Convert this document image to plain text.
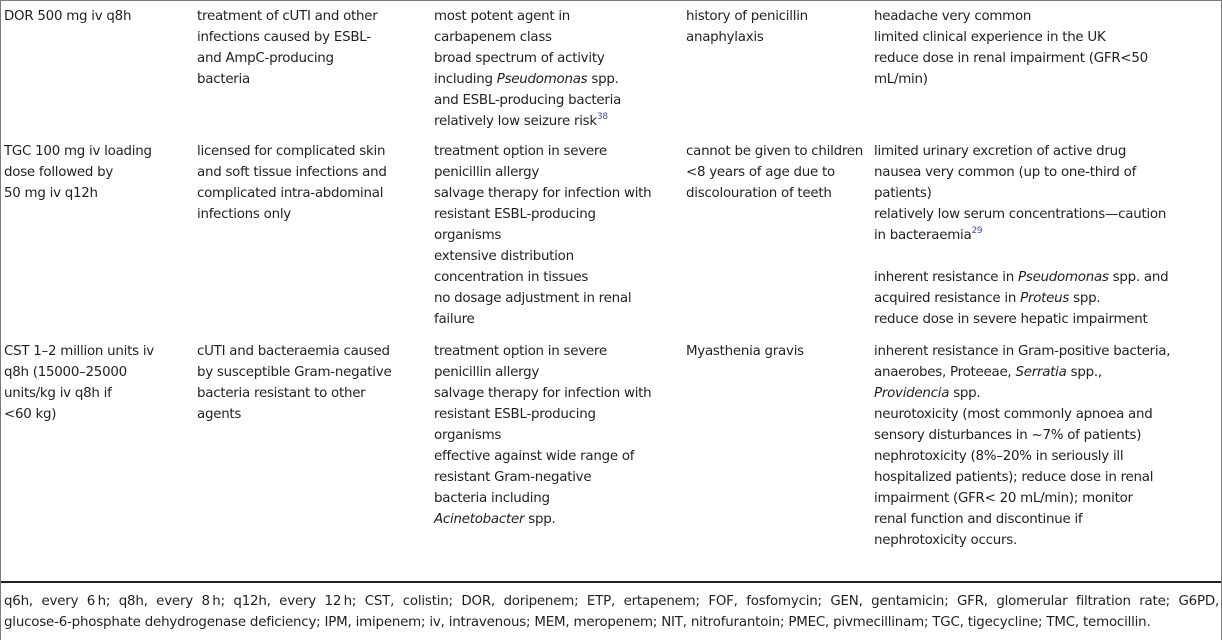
DOR 500 mg iv q8h	treatment of cUTI and other
infections caused by ESBL-
and AmpC-producing
bacteria
most potent agent in
carbapenem class
broad spectrum of activity
including Pseudomonas spp.
and ESBL-producing bacteria
relatively low seizure risk$^{38}$
history of penicillin
anaphylaxis
headache very common
limited clinical experience in the UK
reduce dose in renal impairment (GFR<50
mL/min)
TGC 100 mg iv loading
dose followed by
50 mg iv q12h
licensed for complicated skin
and soft tissue infections and
complicated intra-abdominal
infections only
treatment option in severe
penicillin allergy
salvage therapy for infection with
resistant ESBL-producing
organisms
extensive distribution
concentration in tissues
no dosage adjustment in renal
failure
cannot be given to children
<8 years of age due to
discolouration of teeth
limited urinary excretion of active drug
nausea very common (up to one-third of
patients)
relatively low serum concentrations—caution
in bacteraemia$^{29}$
inherent resistance in Pseudomonas spp. and
acquired resistance in Proteus spp.
reduce dose in severe hepatic impairment
CST 1–2 million units iv
q8h (15000–25000
units/kg iv q8h if
<60 kg)
cUTI and bacteraemia caused
by susceptible Gram-negative
bacteria resistant to other
agents
treatment option in severe
penicillin allergy
salvage therapy for infection with
resistant ESBL-producing
organisms
effective against wide range of
resistant Gram-negative
bacteria including
Acinetobacter spp.
Myasthenia gravis	inherent resistance in Gram-positive bacteria,
anaerobes, Proteeae, Serratia spp.,
Providencia spp.
neurotoxicity (most commonly apnoea and
sensory disturbances in ~7% of patients)
nephrotoxicity (8%–20% in seriously ill
hospitalized patients); reduce dose in renal
impairment (GFR< 20 mL/min); monitor
renal function and discontinue if
nephrotoxicity occurs.
q6h, every 6 h; q8h, every 8 h; q12h, every 12 h; CST, colistin; DOR, doripenem; ETP, ertapenem; FOF, fosfomycin; GEN, gentamicin; GFR, glomerular filtration rate; G6PD,
glucose-6-phosphate dehydrogenase deficiency; IPM, imipenem; iv, intravenous; MEM, meropenem; NIT, nitrofurantoin; PMEC, pivmecillinam; TGC, tigecycline; TMC, temocillin.
